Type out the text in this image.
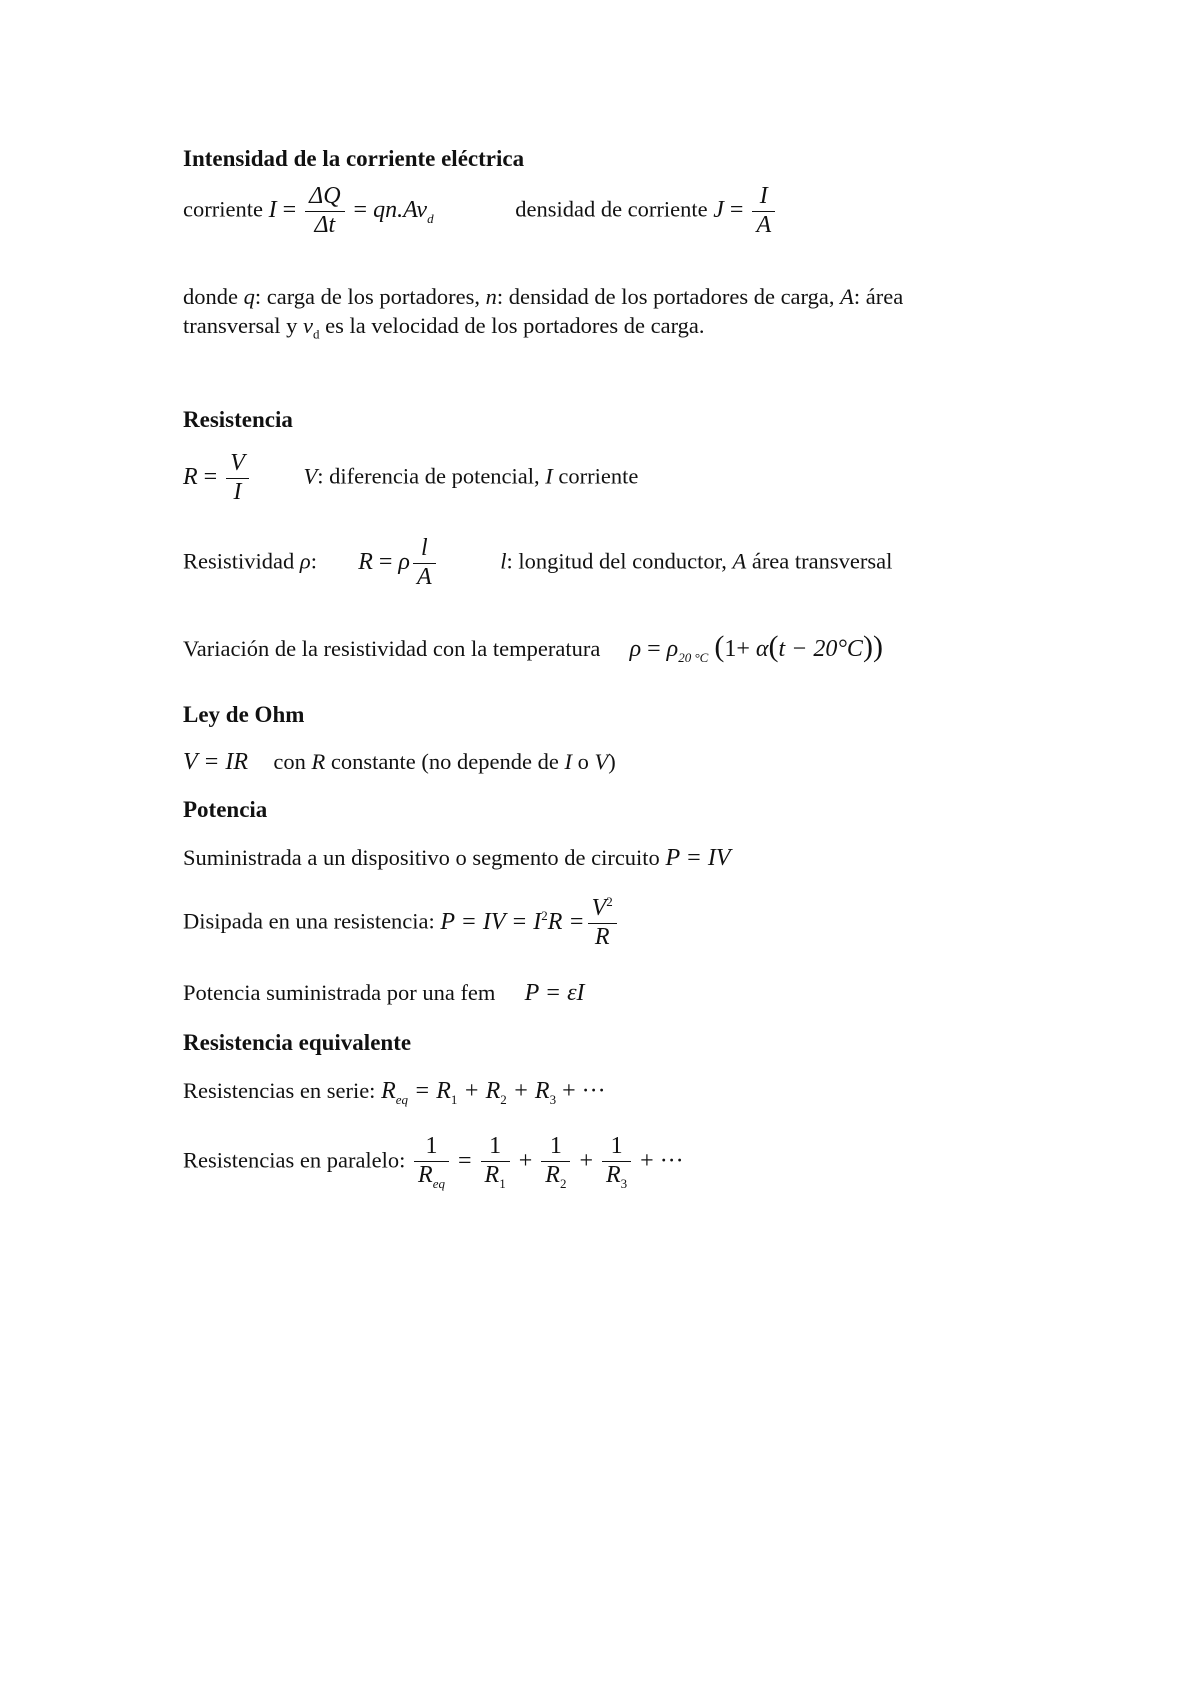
Intensidad de la corriente eléctrica
corriente $I = \frac{\Delta Q}{\Delta t} = qn.Av_d$	densidad de corriente $J = \frac{I}{A}$
donde q: carga de los portadores, n: densidad de los portadores de carga, A: área
transversal y $v_d$ es la velocidad de los portadores de carga.
Resistencia
$R = \frac{V}{I} V$: diferencia de potencial, I corriente
Resistividad ρ: R = ρ $\frac{l}{A}$	l: longitud del conductor, A área transversal
Variación de la resistividad con la temperatura $\rho = \rho_{20 ^\circ C}$ (1+ α(t − 20°C))
Ley de Ohm
V = IR con R constante (no depende de I o V)
Potencia
Suministrada a un dispositivo o segmento de circuito P = IV
Disipada en una resistencia: P = IV = $I^2R = \frac{V^2}{R}$
Potencia suministrada por una fem P = εI
Resistencia equivalente
Resistencias en serie: $R_{eq} = R_1 + R_2 + R_3$ + ···
Resistencias en paralelo: $\frac{1}{R_{eq}} = \frac{1}{R_1} + \frac{1}{R_2} + \frac{1}{R_3}$ + ···
